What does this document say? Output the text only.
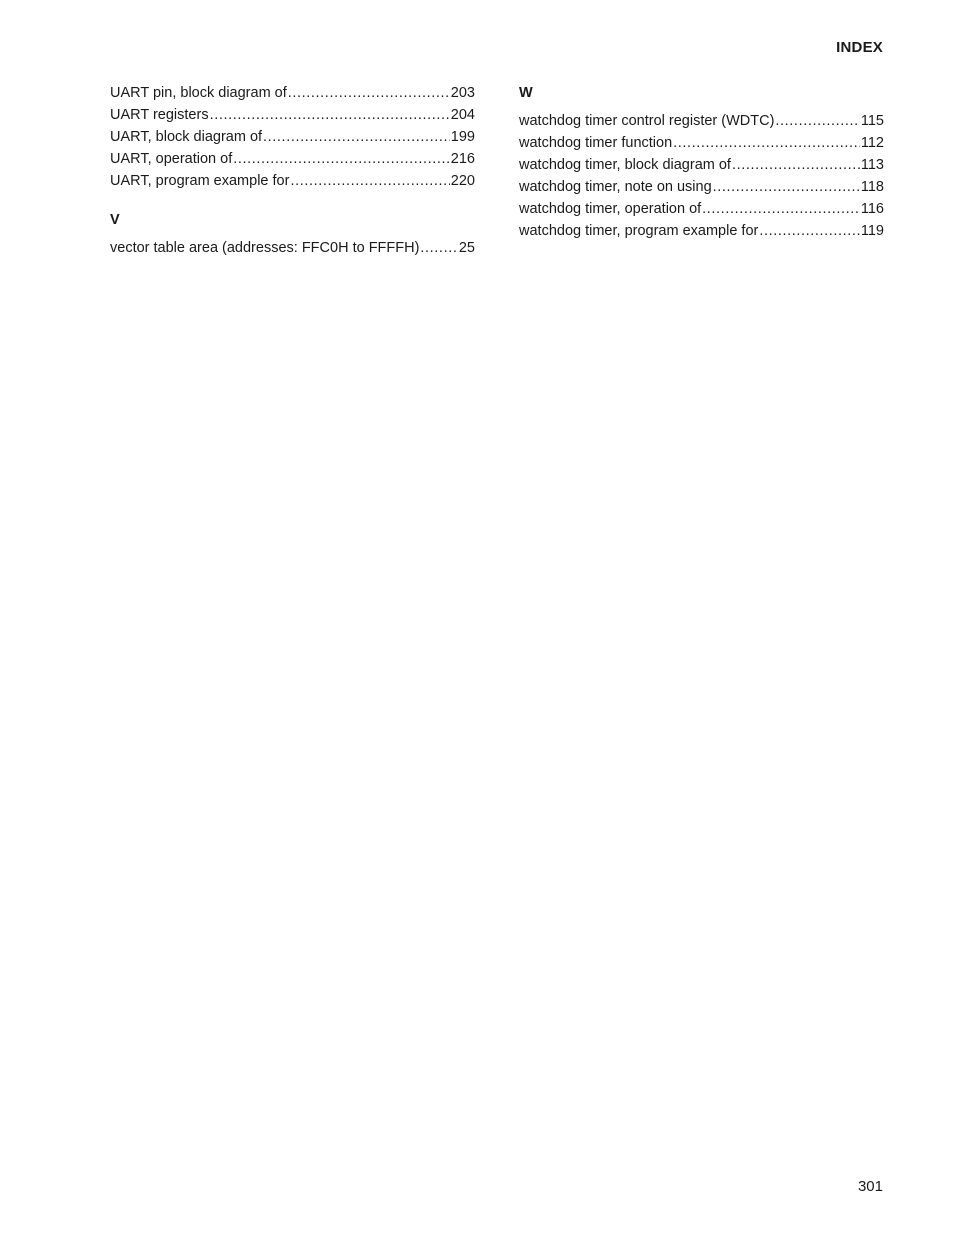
INDEX
UART pin, block diagram of .....	203
UART registers .....	204
UART, block diagram of .....	199
UART, operation of .....	216
UART, program example for .....	220
V
vector table area (addresses: FFC0H to FFFFH) .....	25
W
watchdog timer control register (WDTC) .....	115
watchdog timer function .....	112
watchdog timer, block diagram of .....	113
watchdog timer, note on using .....	118
watchdog timer, operation of .....	116
watchdog timer, program example for .....	119
301
